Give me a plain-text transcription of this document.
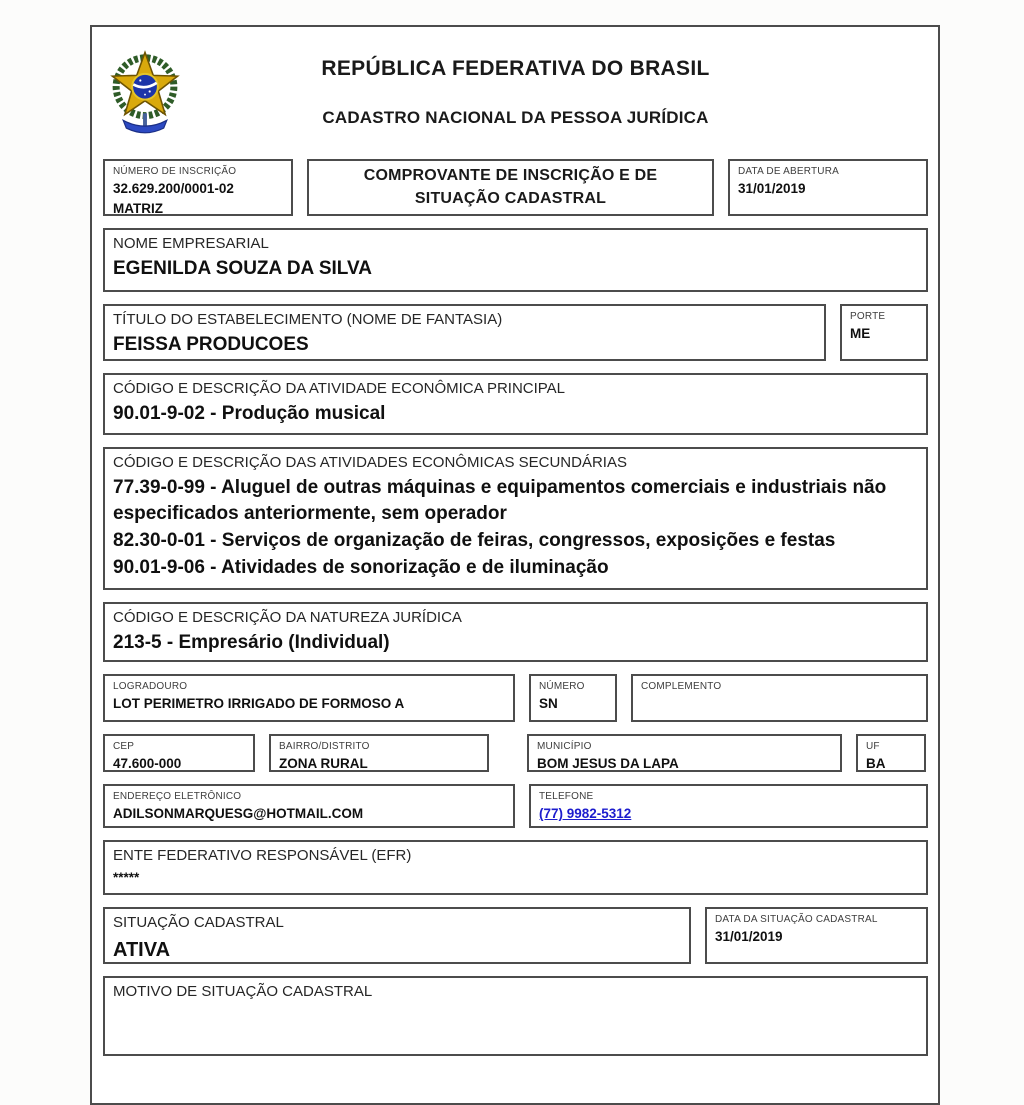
REPÚBLICA FEDERATIVA DO BRASIL
CADASTRO NACIONAL DA PESSOA JURÍDICA
NÚMERO DE INSCRIÇÃO
32.629.200/0001-02
MATRIZ
COMPROVANTE DE INSCRIÇÃO E DE SITUAÇÃO CADASTRAL
DATA DE ABERTURA
31/01/2019
NOME EMPRESARIAL
EGENILDA SOUZA DA SILVA
TÍTULO DO ESTABELECIMENTO (NOME DE FANTASIA)
FEISSA PRODUCOES
PORTE
ME
CÓDIGO E DESCRIÇÃO DA ATIVIDADE ECONÔMICA PRINCIPAL
90.01-9-02 - Produção musical
CÓDIGO E DESCRIÇÃO DAS ATIVIDADES ECONÔMICAS SECUNDÁRIAS
77.39-0-99 - Aluguel de outras máquinas e equipamentos comerciais e industriais não especificados anteriormente, sem operador
82.30-0-01 - Serviços de organização de feiras, congressos, exposições e festas
90.01-9-06 - Atividades de sonorização e de iluminação
CÓDIGO E DESCRIÇÃO DA NATUREZA JURÍDICA
213-5 - Empresário (Individual)
LOGRADOURO
LOT PERIMETRO IRRIGADO DE FORMOSO A
NÚMERO
SN
COMPLEMENTO
CEP
47.600-000
BAIRRO/DISTRITO
ZONA RURAL
MUNICÍPIO
BOM JESUS DA LAPA
UF
BA
ENDEREÇO ELETRÔNICO
ADILSONMARQUESG@HOTMAIL.COM
TELEFONE
(77) 9982-5312
ENTE FEDERATIVO RESPONSÁVEL (EFR)
*****
SITUAÇÃO CADASTRAL
ATIVA
DATA DA SITUAÇÃO CADASTRAL
31/01/2019
MOTIVO DE SITUAÇÃO CADASTRAL
